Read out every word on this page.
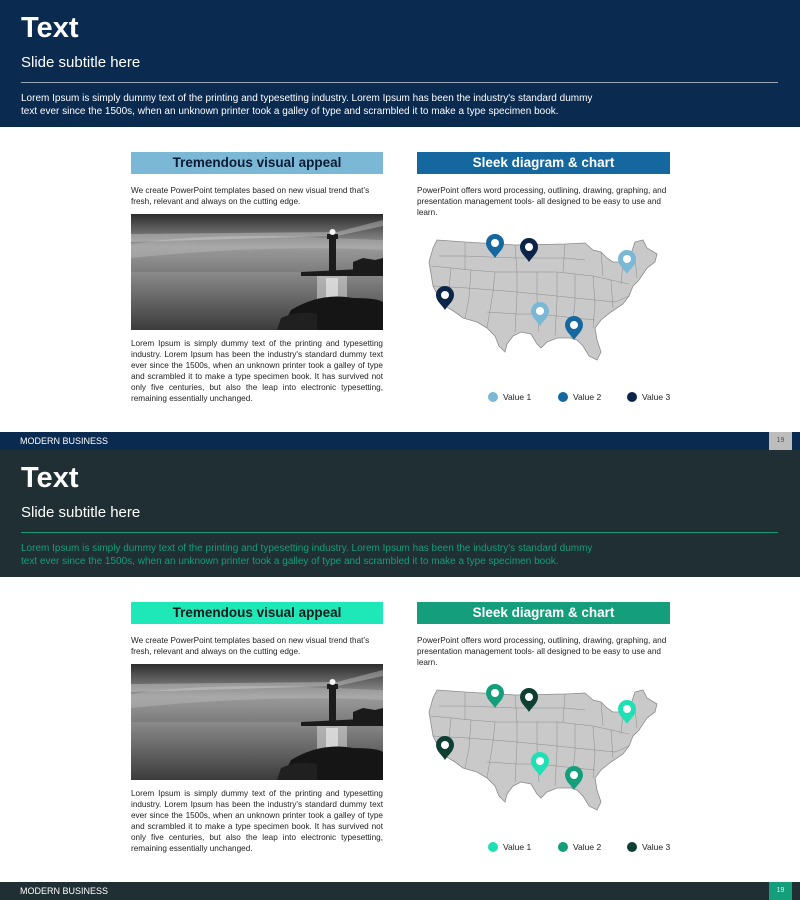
Text
Slide subtitle here
Lorem Ipsum is simply dummy text of the printing and typesetting industry. Lorem Ipsum has been the industry's standard dummy text ever since the 1500s, when an unknown printer took a galley of type and scrambled it to make a type specimen book.
Tremendous visual appeal
We create PowerPoint templates based on new visual trend that’s fresh, relevant and always on the cutting edge.
Lorem Ipsum is simply dummy text of the printing and typesetting industry. Lorem Ipsum has been the industry's standard dummy text ever since the 1500s, when an unknown printer took a galley of type and scrambled it to make a type specimen book. It has survived not only five centuries, but also the leap into electronic typesetting, remaining essentially unchanged.
Sleek diagram & chart
PowerPoint offers word processing, outlining, drawing, graphing, and presentation management tools- all designed to be easy to use and learn.
Value 1	Value 2	Value 3
MODERN BUSINESS	19
Text
Slide subtitle here
Lorem Ipsum is simply dummy text of the printing and typesetting industry. Lorem Ipsum has been the industry's standard dummy text ever since the 1500s, when an unknown printer took a galley of type and scrambled it to make a type specimen book.
Tremendous visual appeal
We create PowerPoint templates based on new visual trend that’s fresh, relevant and always on the cutting edge.
Lorem Ipsum is simply dummy text of the printing and typesetting industry. Lorem Ipsum has been the industry's standard dummy text ever since the 1500s, when an unknown printer took a galley of type and scrambled it to make a type specimen book. It has survived not only five centuries, but also the leap into electronic typesetting, remaining essentially unchanged.
Sleek diagram & chart
PowerPoint offers word processing, outlining, drawing, graphing, and presentation management tools- all designed to be easy to use and learn.
Value 1	Value 2	Value 3
MODERN BUSINESS	19
